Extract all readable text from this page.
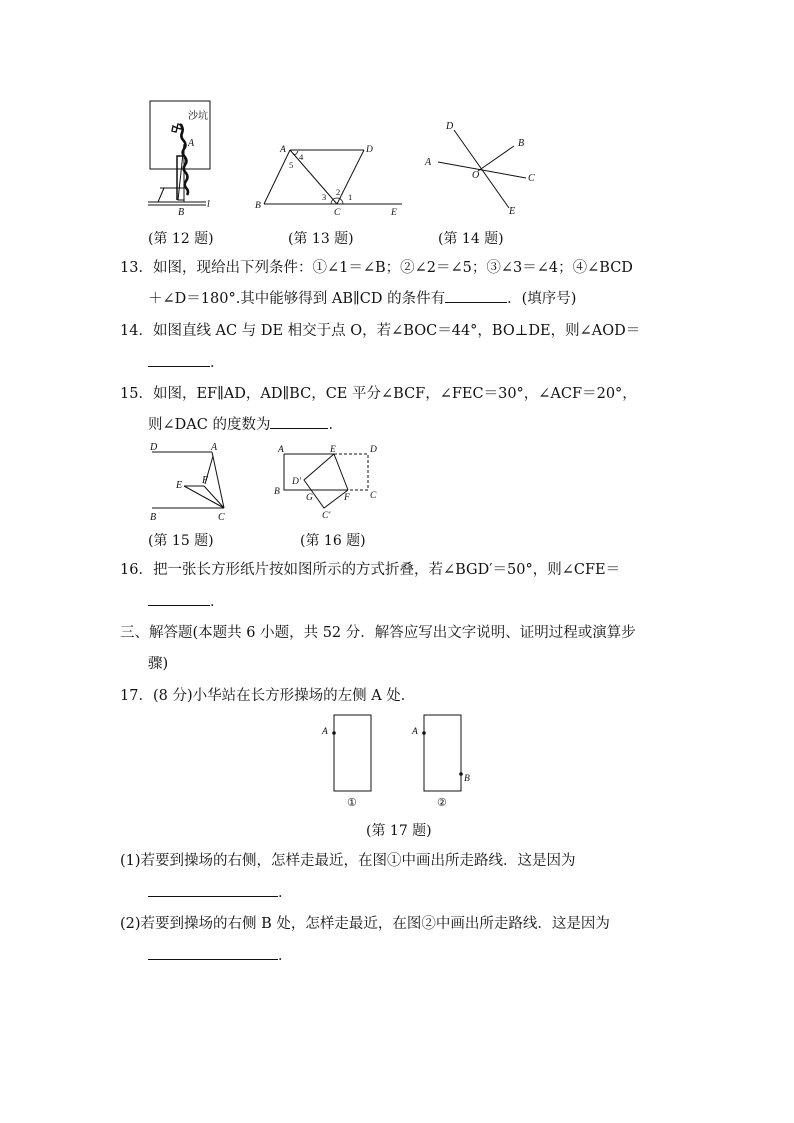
沙坑
A
B
l
A	D
B
C	E
1
2
3
4
5	A
B
C
D
E
O
(第 12 题)	(第 13 题)	(第 14 题)
13．如图，现给出下列条件：①∠1＝∠B；②∠2＝∠5；③∠3＝∠4；④∠BCD
＋∠D＝180°.其中能够得到 AB∥CD 的条件有	．(填序号)
14．如图直线 AC 与 DE 相交于点 O，若∠BOC＝44°，BO⊥DE，则∠AOD＝
．
15．如图，EF∥AD，AD∥BC，CE 平分∠BCF，∠FEC＝30°，∠ACF＝20°，
则∠DAC 的度数为	．
D	A
E F
B	C
A	E	D
B	C
D′
G	F
C′
(第 15 题)	(第 16 题)
16．把一张长方形纸片按如图所示的方式折叠，若∠BGD′＝50°，则∠CFE＝
．
三、解答题(本题共 6 小题，共 52 分．解答应写出文字说明、证明过程或演算步
骤)
17．(8 分)小华站在长方形操场的左侧 A 处．
A
①
A
B
②
(第 17 题)
(1)若要到操场的右侧，怎样走最近，在图①中画出所走路线．这是因为
．
(2)若要到操场的右侧 B 处，怎样走最近，在图②中画出所走路线．这是因为
．
